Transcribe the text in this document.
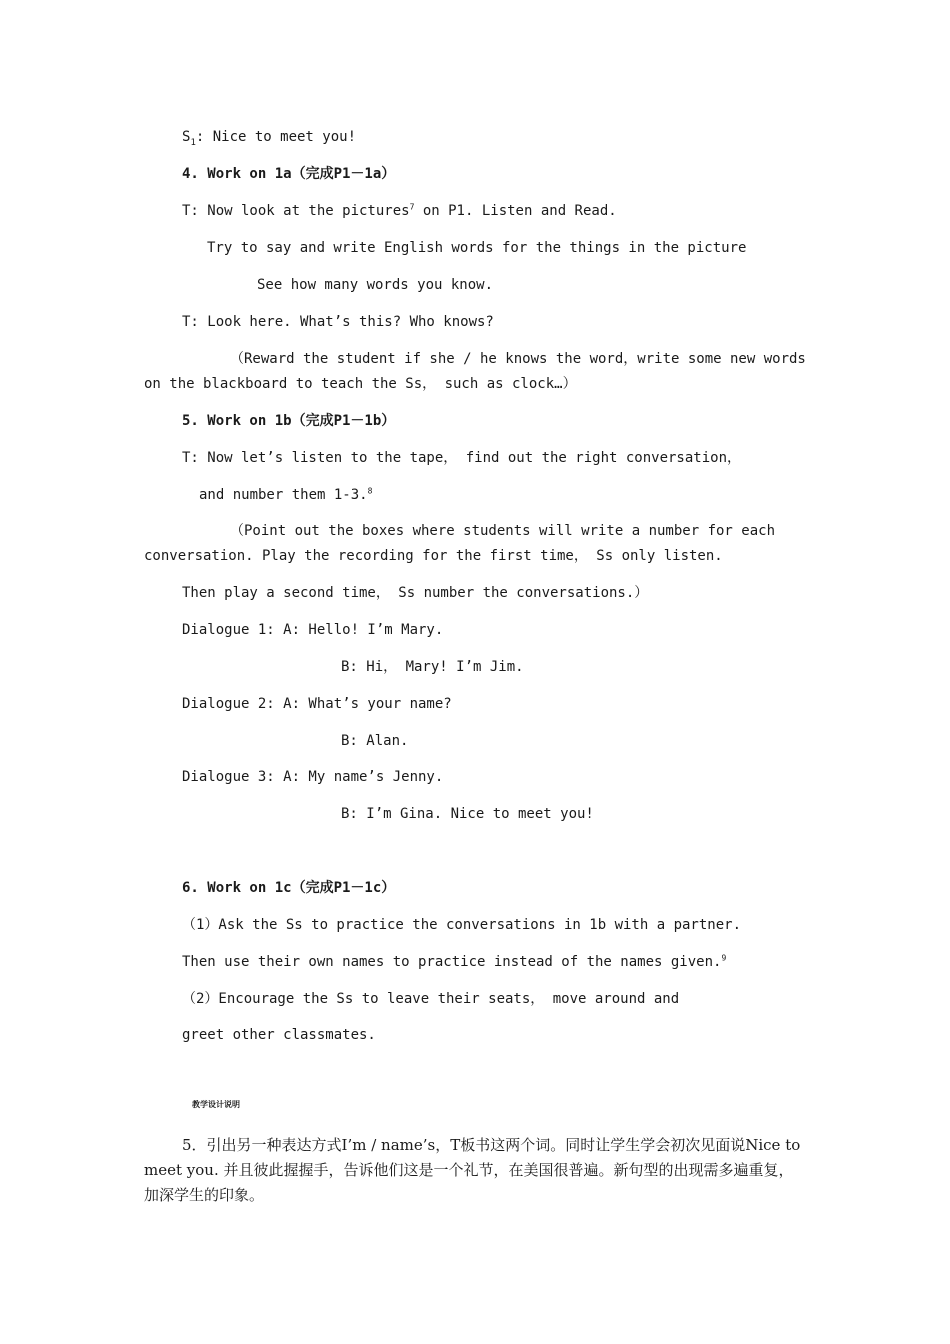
$S_1$: Nice to meet you!
4. Work on 1a（完成P1－1a）
T: Now look at the pictures$^7$ on P1. Listen and Read.
Try to say and write English words for the things in the picture
See how many words you know.
T: Look here. What’s this? Who knows?
（Reward the student if she / he knows the word，write some new words
on the blackboard to teach the Ss， such as clock…）
5. Work on 1b（完成P1－1b）
T: Now let’s listen to the tape， find out the right conversation，
and number them 1-3.$^8$
（Point out the boxes where students will write a number for each
conversation. Play the recording for the first time， Ss only listen.
Then play a second time， Ss number the conversations.）
Dialogue 1: A: Hello! I’m Mary.
B: Hi， Mary! I’m Jim.
Dialogue 2: A: What’s your name?
B: Alan.
Dialogue 3: A: My name’s Jenny.
B: I’m Gina. Nice to meet you!
6. Work on 1c（完成P1－1c）
（1）Ask the Ss to practice the conversations in 1b with a partner.
Then use their own names to practice instead of the names given.$^9$
（2）Encourage the Ss to leave their seats， move around and
greet other classmates.
教学设计说明
5．引出另一种表达方式I’m / name’s，T板书这两个词。同时让学生学会初次见面说Nice to meet you. 并且彼此握握手，告诉他们这是一个礼节，在美国很普遍。新句型的出现需多遍重复，加深学生的印象。
